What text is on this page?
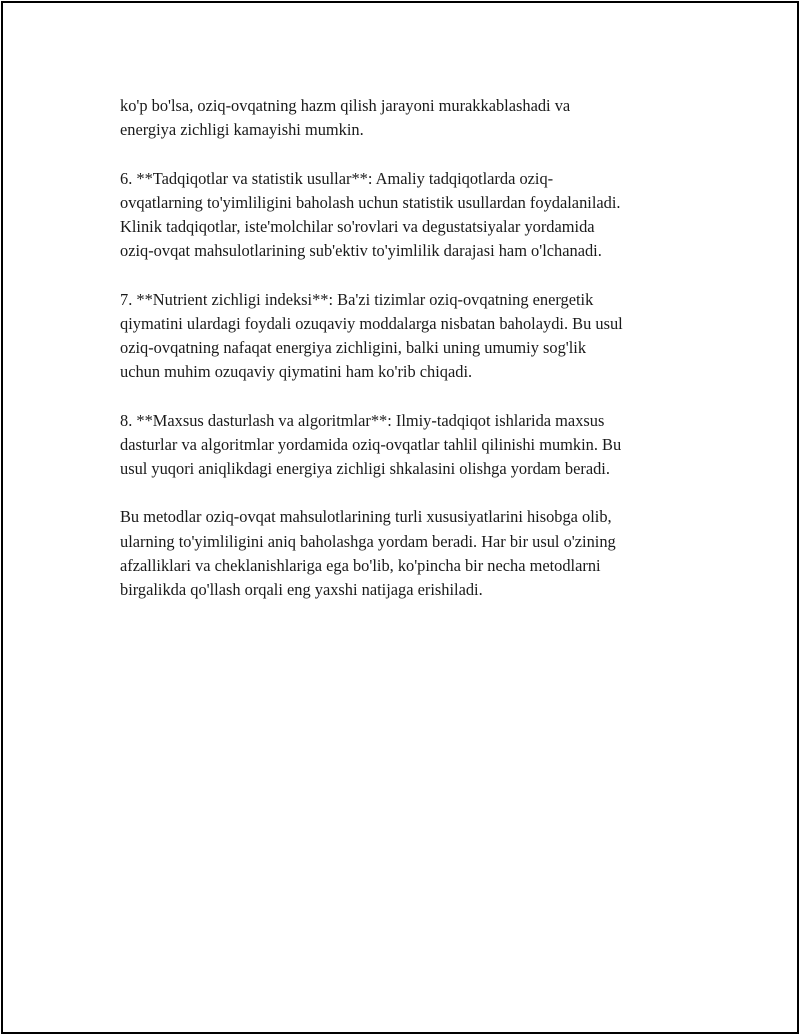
ko'p bo'lsa, oziq-ovqatning hazm qilish jarayoni murakkablashadi va
energiya zichligi kamayishi mumkin.

6. **Tadqiqotlar va statistik usullar**: Amaliy tadqiqotlarda oziq-
ovqatlarning to'yimliligini baholash uchun statistik usullardan foydalaniladi.
Klinik tadqiqotlar, iste'molchilar so'rovlari va degustatsiyalar yordamida
oziq-ovqat mahsulotlarining sub'ektiv to'yimlilik darajasi ham o'lchanadi.

7. **Nutrient zichligi indeksi**: Ba'zi tizimlar oziq-ovqatning energetik
qiymatini ulardagi foydali ozuqaviy moddalarga nisbatan baholaydi. Bu usul
oziq-ovqatning nafaqat energiya zichligini, balki uning umumiy sog'lik
uchun muhim ozuqaviy qiymatini ham ko'rib chiqadi.

8. **Maxsus dasturlash va algoritmlar**: Ilmiy-tadqiqot ishlarida maxsus
dasturlar va algoritmlar yordamida oziq-ovqatlar tahlil qilinishi mumkin. Bu
usul yuqori aniqlikdagi energiya zichligi shkalasini olishga yordam beradi.

Bu metodlar oziq-ovqat mahsulotlarining turli xususiyatlarini hisobga olib,
ularning to'yimliligini aniq baholashga yordam beradi. Har bir usul o'zining
afzalliklari va cheklanishlariga ega bo'lib, ko'pincha bir necha metodlarni
birgalikda qo'llash orqali eng yaxshi natijaga erishiladi.
